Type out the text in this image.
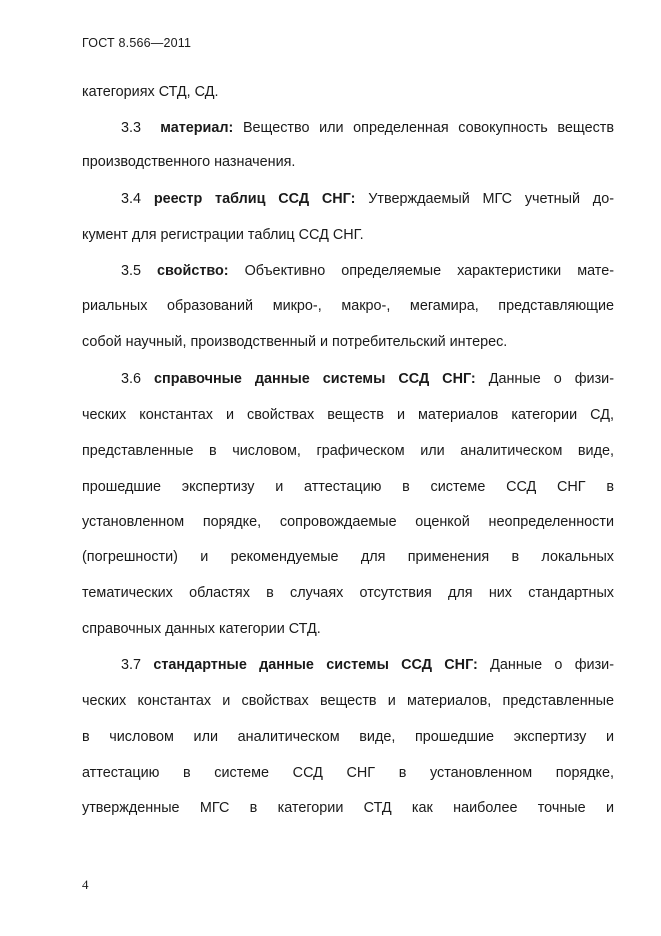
ГОСТ 8.566—2011
категориях СТД, СД.
3.3 материал: Вещество или определенная совокупность веществ
производственного назначения.
3.4 реестр таблиц ССД СНГ: Утверждаемый МГС учетный до-
кумент для регистрации таблиц ССД СНГ.
3.5 свойство: Объективно определяемые характеристики мате-
риальных образований микро-, макро-, мегамира, представляющие
собой научный, производственный и потребительский интерес.
3.6 справочные данные системы ССД СНГ: Данные о физи-
ческих константах и свойствах веществ и материалов категории СД,
представленные в числовом, графическом или аналитическом виде,
прошедшие экспертизу и аттестацию в системе ССД СНГ в
установленном порядке, сопровождаемые оценкой неопределенности
(погрешности) и рекомендуемые для применения в локальных
тематических областях в случаях отсутствия для них стандартных
справочных данных категории СТД.
3.7 стандартные данные системы ССД СНГ: Данные о физи-
ческих константах и свойствах веществ и материалов, представленные
в числовом или аналитическом виде, прошедшие экспертизу и
аттестацию в системе ССД СНГ в установленном порядке,
утвержденные МГС в категории СТД как наиболее точные и
4
